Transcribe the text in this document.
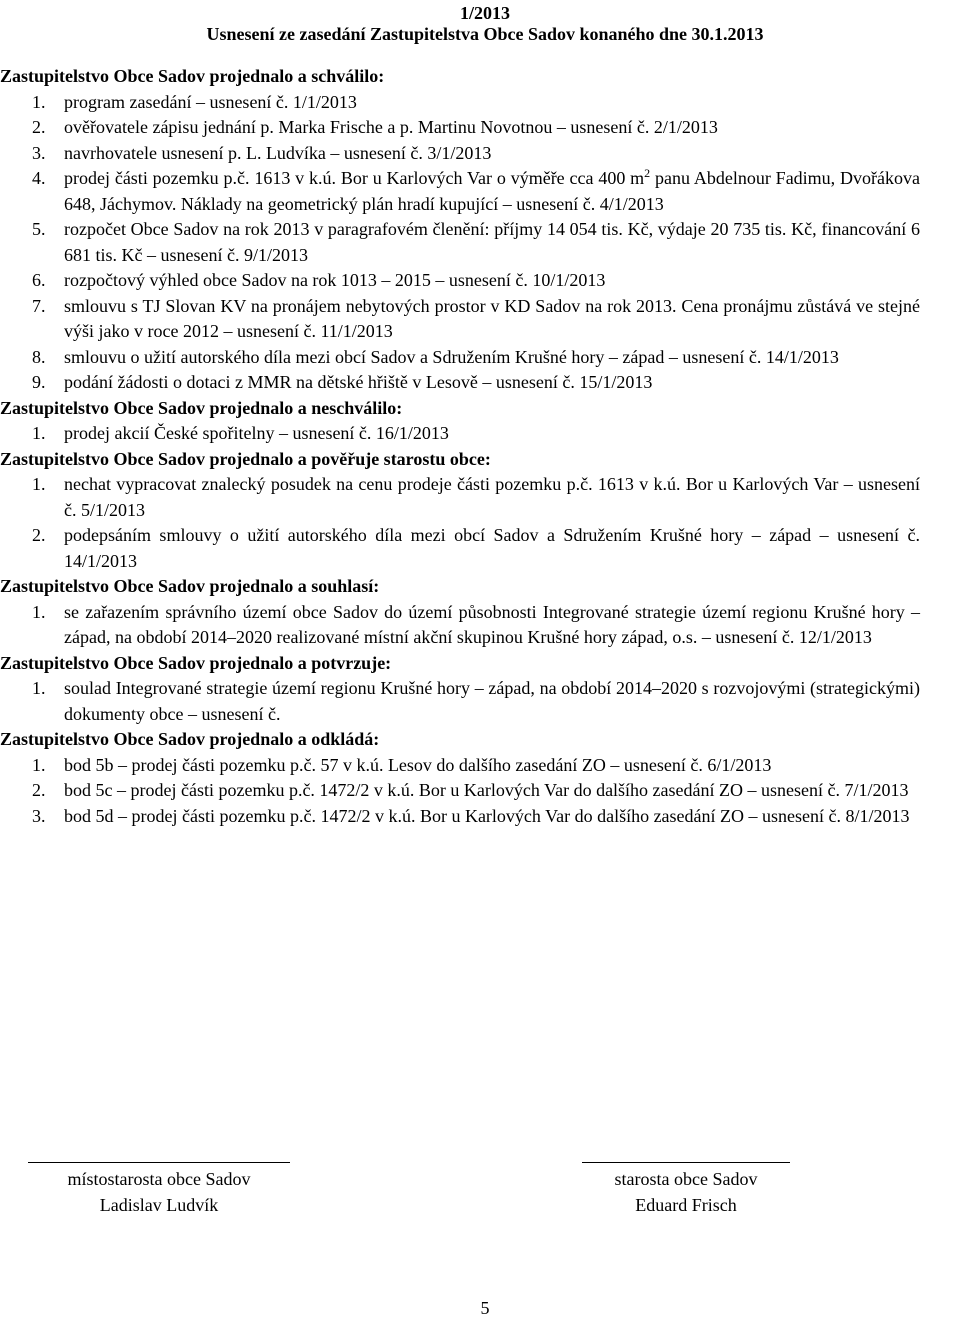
1/2013
Usnesení ze zasedání Zastupitelstva Obce Sadov konaného dne 30.1.2013
Zastupitelstvo Obce Sadov projednalo a schválilo:
1.	program zasedání – usnesení č. 1/1/2013
2.	ověřovatele zápisu jednání p. Marka Frische a p. Martinu Novotnou – usnesení č. 2/1/2013
3.	navrhovatele usnesení p. L. Ludvíka – usnesení č. 3/1/2013
4.	prodej části pozemku p.č. 1613 v k.ú. Bor u Karlových Var o výměře cca 400 $m^2$ panu Abdelnour Fadimu, Dvořákova 648, Jáchymov. Náklady na geometrický plán hradí kupující – usnesení č. 4/1/2013
5.	rozpočet Obce Sadov na rok 2013 v paragrafovém členění: příjmy 14 054 tis. Kč, výdaje 20 735 tis. Kč, financování 6 681 tis. Kč – usnesení č. 9/1/2013
6.	rozpočtový výhled obce Sadov na rok 1013 – 2015 – usnesení č. 10/1/2013
7.	smlouvu s TJ Slovan KV na pronájem nebytových prostor v KD Sadov na rok 2013. Cena pronájmu zůstává ve stejné výši jako v roce 2012 – usnesení č. 11/1/2013
8.	smlouvu o užití autorského díla mezi obcí Sadov a Sdružením Krušné hory – západ – usnesení č. 14/1/2013
9.	podání žádosti o dotaci z MMR na dětské hřiště v Lesově – usnesení č. 15/1/2013
Zastupitelstvo Obce Sadov projednalo a neschválilo:
1.	prodej akcií České spořitelny – usnesení č. 16/1/2013
Zastupitelstvo Obce Sadov projednalo a pověřuje starostu obce:
1.	nechat vypracovat znalecký posudek na cenu prodeje části pozemku p.č. 1613 v k.ú. Bor u Karlových Var – usnesení č. 5/1/2013
2.	podepsáním smlouvy o užití autorského díla mezi obcí Sadov a Sdružením Krušné hory – západ – usnesení č. 14/1/2013
Zastupitelstvo Obce Sadov projednalo a souhlasí:
1.	se zařazením správního území obce Sadov do území působnosti Integrované strategie území regionu Krušné hory – západ, na období 2014–2020 realizované místní akční skupinou Krušné hory západ, o.s. – usnesení č. 12/1/2013
Zastupitelstvo Obce Sadov projednalo a potvrzuje:
1.	soulad Integrované strategie území regionu Krušné hory – západ, na období 2014–2020 s rozvojovými (strategickými) dokumenty obce – usnesení č.
Zastupitelstvo Obce Sadov projednalo a odkládá:
1.	bod 5b – prodej části pozemku p.č. 57 v k.ú. Lesov do dalšího zasedání ZO – usnesení č. 6/1/2013
2.	bod 5c – prodej části pozemku p.č. 1472/2 v k.ú. Bor u Karlových Var do dalšího zasedání ZO – usnesení č. 7/1/2013
3.	bod 5d – prodej části pozemku p.č. 1472/2 v k.ú. Bor u Karlových Var do dalšího zasedání ZO – usnesení č. 8/1/2013
místostarosta obce Sadov
Ladislav Ludvík
starosta obce Sadov
Eduard Frisch
5
